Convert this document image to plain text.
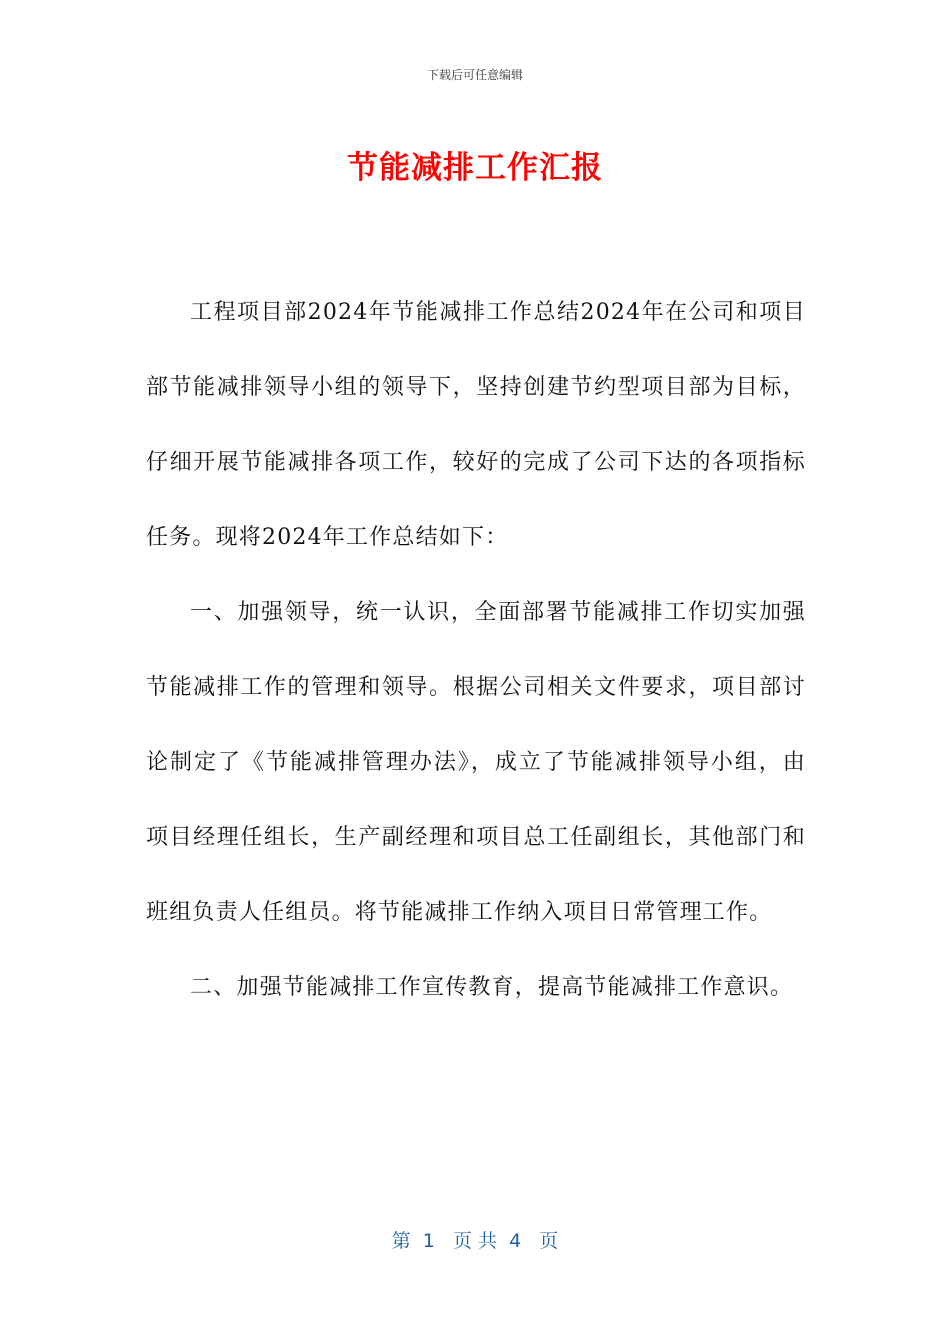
下载后可任意编辑
节能减排工作汇报

工程项目部2024年节能减排工作总结2024年在公司和项目部节能减排领导小组的领导下，坚持创建节约型项目部为目标，仔细开展节能减排各项工作，较好的完成了公司下达的各项指标任务。现将2024年工作总结如下：

一、加强领导，统一认识，全面部署节能减排工作切实加强节能减排工作的管理和领导。根据公司相关文件要求，项目部讨论制定了《节能减排管理办法》，成立了节能减排领导小组，由项目经理任组长，生产副经理和项目总工任副组长，其他部门和班组负责人任组员。将节能减排工作纳入项目日常管理工作。

二、加强节能减排工作宣传教育，提高节能减排工作意识。

第  1   页 共  4   页
